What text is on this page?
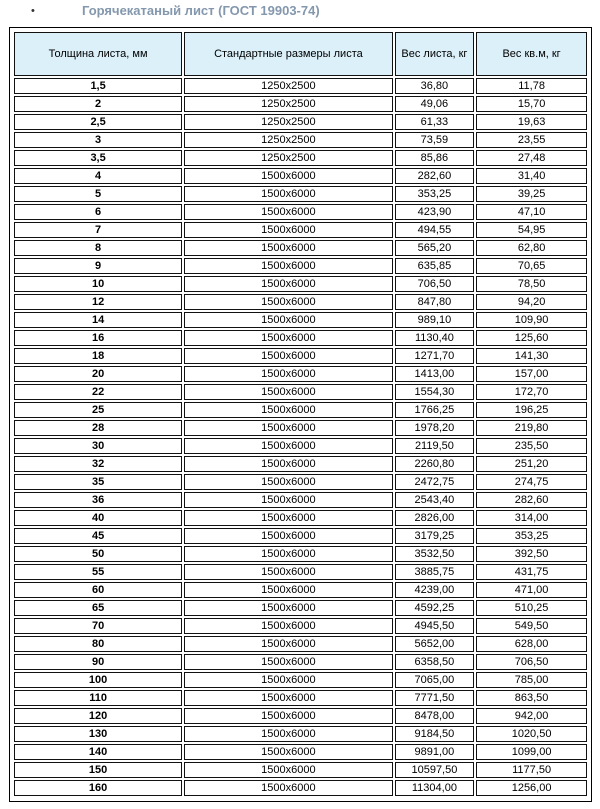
•	Горячекатаный лист (ГОСТ 19903-74)
Толщина листа, мм	Стандартные размеры листа	Вес листа, кг	Вес кв.м, кг
1,5	1250x2500	36,80	11,78
2	1250x2500	49,06	15,70
2,5	1250x2500	61,33	19,63
3	1250x2500	73,59	23,55
3,5	1250x2500	85,86	27,48
4	1500x6000	282,60	31,40
5	1500x6000	353,25	39,25
6	1500x6000	423,90	47,10
7	1500x6000	494,55	54,95
8	1500x6000	565,20	62,80
9	1500x6000	635,85	70,65
10	1500x6000	706,50	78,50
12	1500x6000	847,80	94,20
14	1500x6000	989,10	109,90
16	1500x6000	1130,40	125,60
18	1500x6000	1271,70	141,30
20	1500x6000	1413,00	157,00
22	1500x6000	1554,30	172,70
25	1500x6000	1766,25	196,25
28	1500x6000	1978,20	219,80
30	1500x6000	2119,50	235,50
32	1500x6000	2260,80	251,20
35	1500x6000	2472,75	274,75
36	1500x6000	2543,40	282,60
40	1500x6000	2826,00	314,00
45	1500x6000	3179,25	353,25
50	1500x6000	3532,50	392,50
55	1500x6000	3885,75	431,75
60	1500x6000	4239,00	471,00
65	1500x6000	4592,25	510,25
70	1500x6000	4945,50	549,50
80	1500x6000	5652,00	628,00
90	1500x6000	6358,50	706,50
100	1500x6000	7065,00	785,00
110	1500x6000	7771,50	863,50
120	1500x6000	8478,00	942,00
130	1500x6000	9184,50	1020,50
140	1500x6000	9891,00	1099,00
150	1500x6000	10597,50	1177,50
160	1500x6000	11304,00	1256,00
